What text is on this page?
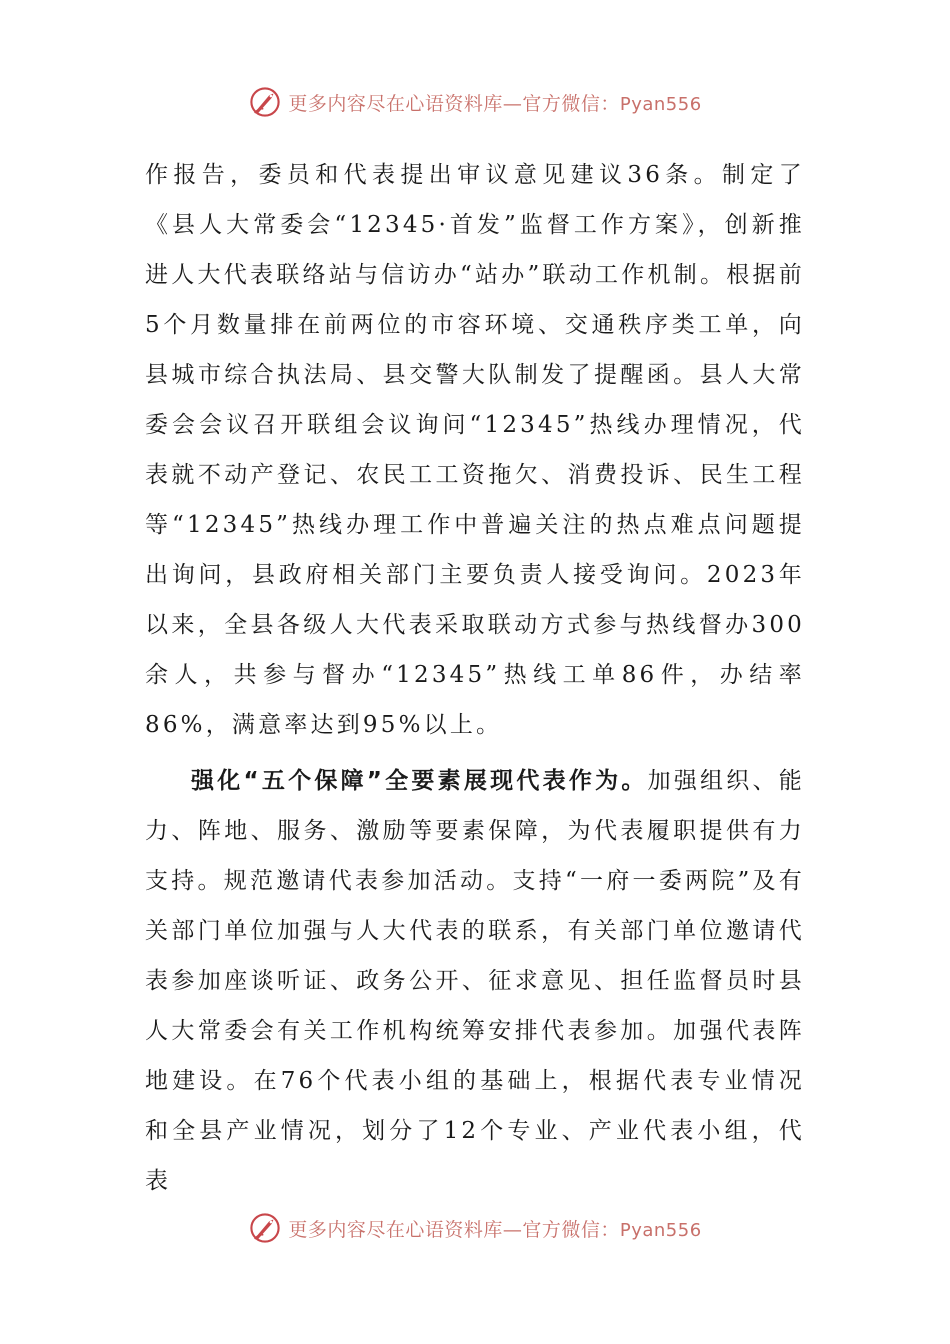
更多内容尽在心语资料库—官方微信：Pyan556

作报告，委员和代表提出审议意见建议36条。制定了《县人大常委会“12345·首发”监督工作方案》，创新推进人大代表联络站与信访办“站办”联动工作机制。根据前5个月数量排在前两位的市容环境、交通秩序类工单，向县城市综合执法局、县交警大队制发了提醒函。县人大常委会会议召开联组会议询问“12345”热线办理情况，代表就不动产登记、农民工工资拖欠、消费投诉、民生工程等“12345”热线办理工作中普遍关注的热点难点问题提出询问，县政府相关部门主要负责人接受询问。2023年以来，全县各级人大代表采取联动方式参与热线督办300余人，共参与督办“12345”热线工单86件，办结率86%，满意率达到95%以上。

强化“五个保障”全要素展现代表作为。加强组织、能力、阵地、服务、激励等要素保障，为代表履职提供有力支持。规范邀请代表参加活动。支持“一府一委两院”及有关部门单位加强与人大代表的联系，有关部门单位邀请代表参加座谈听证、政务公开、征求意见、担任监督员时县人大常委会有关工作机构统筹安排代表参加。加强代表阵地建设。在76个代表小组的基础上，根据代表专业情况和全县产业情况，划分了12个专业、产业代表小组，代表

更多内容尽在心语资料库—官方微信：Pyan556
